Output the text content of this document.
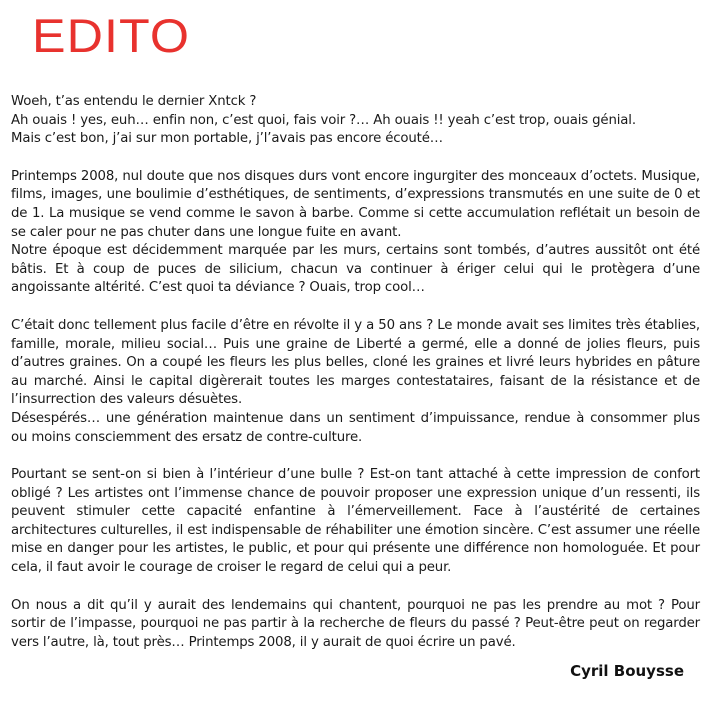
EDITO
Woeh, t’as entendu le dernier Xntck ?
Ah ouais ! yes, euh… enfin non, c’est quoi, fais voir ?… Ah ouais !! yeah c’est trop, ouais génial.
Mais c’est bon, j’ai sur mon portable, j’l’avais pas encore écouté…
Printemps 2008, nul doute que nos disques durs vont encore ingurgiter des monceaux d’octets. Musique, films, images, une boulimie d’esthétiques, de sentiments, d’expressions transmutés en une suite de 0 et de 1. La musique se vend comme le savon à barbe. Comme si cette accumulation reflétait un besoin de se caler pour ne pas chuter dans une longue fuite en avant.
Notre époque est décidemment marquée par les murs, certains sont tombés, d’autres aussitôt ont été bâtis. Et à coup de puces de silicium, chacun va continuer à ériger celui qui le protègera d’une angoissante altérité. C’est quoi ta déviance ? Ouais, trop cool…
C’était donc tellement plus facile d’être en révolte il y a 50 ans ? Le monde avait ses limites très établies, famille, morale, milieu social… Puis une graine de Liberté a germé, elle a donné de jolies fleurs, puis d’autres graines. On a coupé les fleurs les plus belles, cloné les graines et livré leurs hybrides en pâture au marché. Ainsi le capital digèrerait toutes les marges contestataires, faisant de la résistance et de l’insurrection des valeurs désuètes.
Désespérés… une génération maintenue dans un sentiment d’impuissance, rendue à consommer plus ou moins consciemment des ersatz de contre-culture.
Pourtant se sent-on si bien à l’intérieur d’une bulle ? Est-on tant attaché à cette impression de confort obligé ? Les artistes ont l’immense chance de pouvoir proposer une expression unique d’un ressenti, ils peuvent stimuler cette capacité enfantine à l’émerveillement. Face à l’austérité de certaines architectures culturelles, il est indispensable de réhabiliter une émotion sincère. C’est assumer une réelle mise en danger pour les artistes, le public, et pour qui présente une différence non homologuée. Et pour cela, il faut avoir le courage de croiser le regard de celui qui a peur.
On nous a dit qu’il y aurait des lendemains qui chantent, pourquoi ne pas les prendre au mot ? Pour sortir de l’impasse, pourquoi ne pas partir à la recherche de fleurs du passé ? Peut-être peut on regarder vers l’autre, là, tout près… Printemps 2008, il y aurait de quoi écrire un pavé.

Cyril Bouysse
